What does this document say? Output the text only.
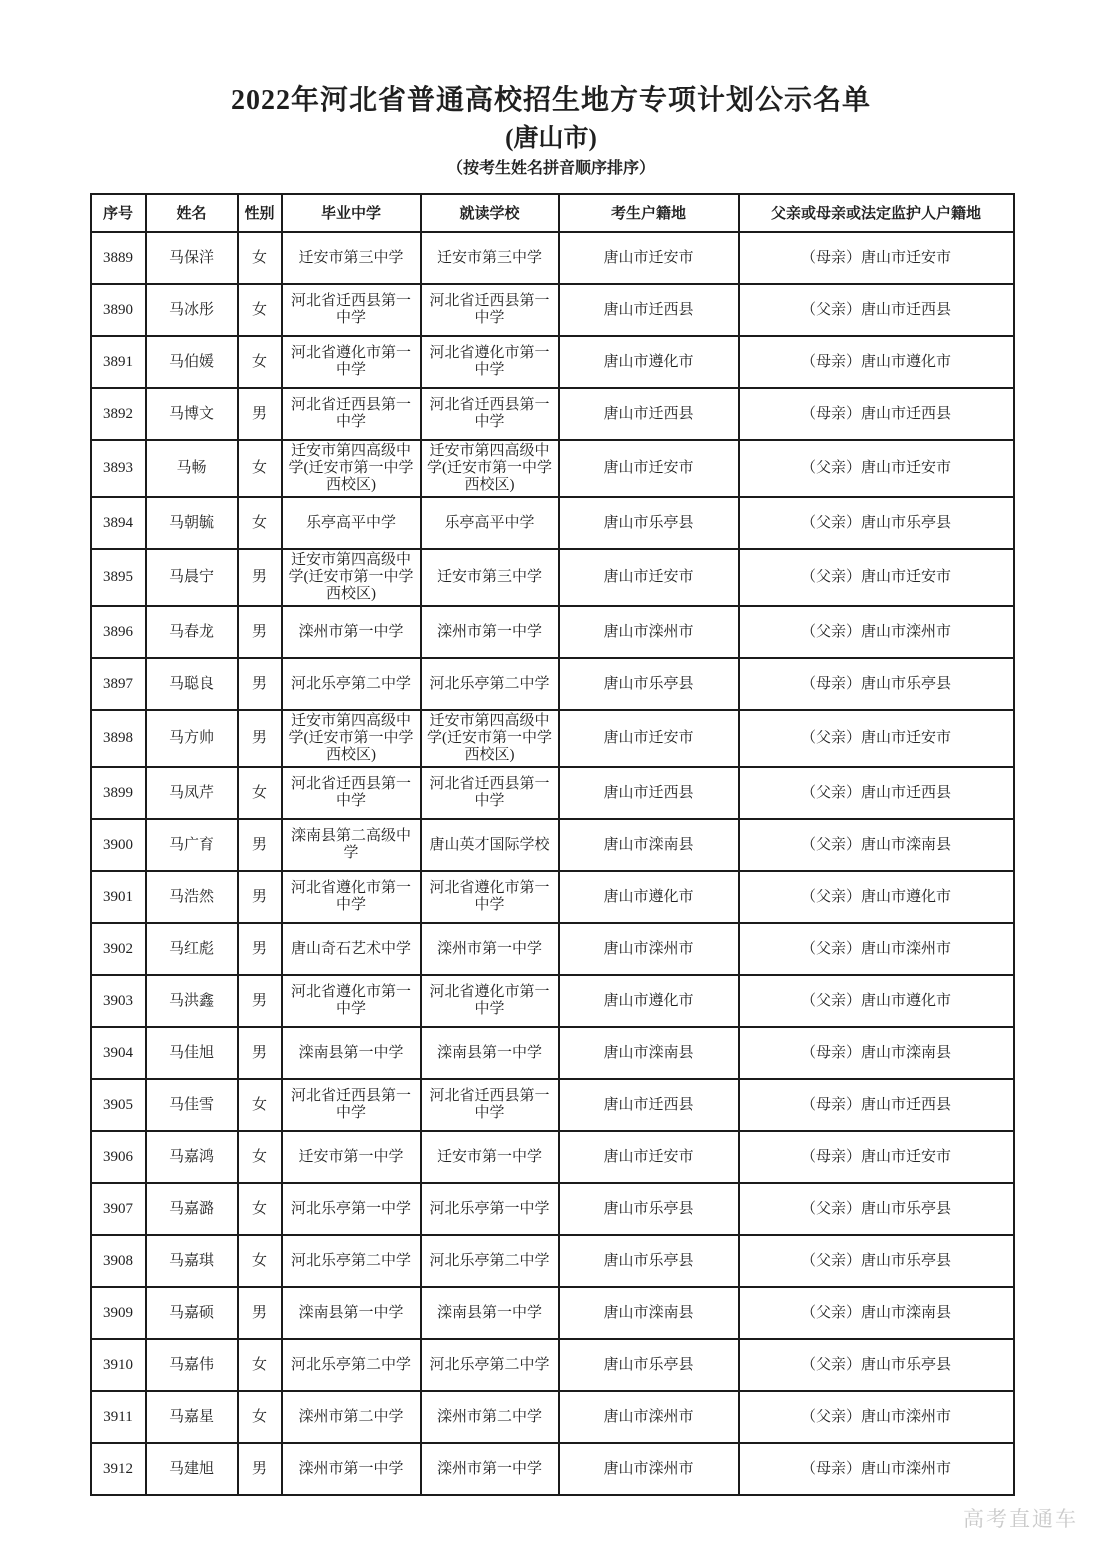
2022年河北省普通高校招生地方专项计划公示名单
(唐山市)
（按考生姓名拼音顺序排序）
序号	姓名	性别	毕业中学	就读学校	考生户籍地	父亲或母亲或法定监护人户籍地
3889	马保洋	女	迁安市第三中学	迁安市第三中学	唐山市迁安市	（母亲）唐山市迁安市
3890	马冰彤	女	河北省迁西县第一中学	河北省迁西县第一中学	唐山市迁西县	（父亲）唐山市迁西县
3891	马伯媛	女	河北省遵化市第一中学	河北省遵化市第一中学	唐山市遵化市	（母亲）唐山市遵化市
3892	马博文	男	河北省迁西县第一中学	河北省迁西县第一中学	唐山市迁西县	（母亲）唐山市迁西县
3893	马畅	女	迁安市第四高级中学(迁安市第一中学西校区)	迁安市第四高级中学(迁安市第一中学西校区)	唐山市迁安市	（父亲）唐山市迁安市
3894	马朝毓	女	乐亭高平中学	乐亭高平中学	唐山市乐亭县	（父亲）唐山市乐亭县
3895	马晨宁	男	迁安市第四高级中学(迁安市第一中学西校区)	迁安市第三中学	唐山市迁安市	（父亲）唐山市迁安市
3896	马春龙	男	滦州市第一中学	滦州市第一中学	唐山市滦州市	（父亲）唐山市滦州市
3897	马聪良	男	河北乐亭第二中学	河北乐亭第二中学	唐山市乐亭县	（母亲）唐山市乐亭县
3898	马方帅	男	迁安市第四高级中学(迁安市第一中学西校区)	迁安市第四高级中学(迁安市第一中学西校区)	唐山市迁安市	（父亲）唐山市迁安市
3899	马凤芹	女	河北省迁西县第一中学	河北省迁西县第一中学	唐山市迁西县	（父亲）唐山市迁西县
3900	马广育	男	滦南县第二高级中学	唐山英才国际学校	唐山市滦南县	（父亲）唐山市滦南县
3901	马浩然	男	河北省遵化市第一中学	河北省遵化市第一中学	唐山市遵化市	（父亲）唐山市遵化市
3902	马红彪	男	唐山奇石艺术中学	滦州市第一中学	唐山市滦州市	（父亲）唐山市滦州市
3903	马洪鑫	男	河北省遵化市第一中学	河北省遵化市第一中学	唐山市遵化市	（父亲）唐山市遵化市
3904	马佳旭	男	滦南县第一中学	滦南县第一中学	唐山市滦南县	（母亲）唐山市滦南县
3905	马佳雪	女	河北省迁西县第一中学	河北省迁西县第一中学	唐山市迁西县	（母亲）唐山市迁西县
3906	马嘉鸿	女	迁安市第一中学	迁安市第一中学	唐山市迁安市	（母亲）唐山市迁安市
3907	马嘉潞	女	河北乐亭第一中学	河北乐亭第一中学	唐山市乐亭县	（父亲）唐山市乐亭县
3908	马嘉琪	女	河北乐亭第二中学	河北乐亭第二中学	唐山市乐亭县	（父亲）唐山市乐亭县
3909	马嘉硕	男	滦南县第一中学	滦南县第一中学	唐山市滦南县	（父亲）唐山市滦南县
3910	马嘉伟	女	河北乐亭第二中学	河北乐亭第二中学	唐山市乐亭县	（父亲）唐山市乐亭县
3911	马嘉星	女	滦州市第二中学	滦州市第二中学	唐山市滦州市	（父亲）唐山市滦州市
3912	马建旭	男	滦州市第一中学	滦州市第一中学	唐山市滦州市	（母亲）唐山市滦州市
高考直通车
